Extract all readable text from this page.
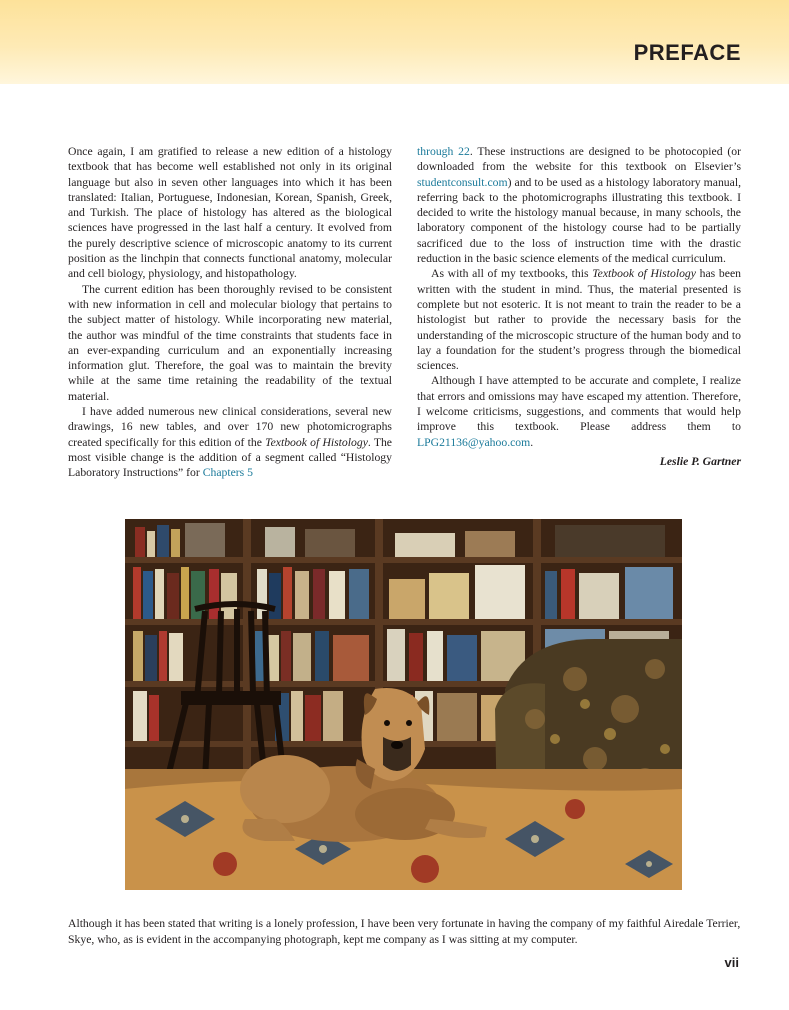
PREFACE

Once again, I am gratified to release a new edition of a histology textbook that has become well established not only in its original language but also in seven other languages into which it has been translated: Italian, Portuguese, Indonesian, Korean, Spanish, Greek, and Turkish. The place of histology has altered as the biological sciences have progressed in the last half a century. It evolved from the purely descriptive science of microscopic anatomy to its current position as the linchpin that connects functional anatomy, molecular and cell biology, physiology, and histopathology.

The current edition has been thoroughly revised to be consistent with new information in cell and molecular biology that pertains to the subject matter of histology. While incorporating new material, the author was mindful of the time constraints that students face in an ever-expanding curriculum and an exponentially increasing information glut. Therefore, the goal was to maintain the brevity while at the same time retaining the readability of the textual material.

I have added numerous new clinical considerations, several new drawings, 16 new tables, and over 170 new photomicrographs created specifically for this edition of the Textbook of Histology. The most visible change is the addition of a segment called “Histology Laboratory Instructions” for Chapters 5

through 22. These instructions are designed to be photocopied (or downloaded from the website for this textbook on Elsevier’s studentconsult.com) and to be used as a histology laboratory manual, referring back to the photomicrographs illustrating this textbook. I decided to write the histology manual because, in many schools, the laboratory component of the histology course had to be partially sacrificed due to the loss of instruction time with the drastic reduction in the basic science elements of the medical curriculum.

As with all of my textbooks, this Textbook of Histology has been written with the student in mind. Thus, the material presented is complete but not esoteric. It is not meant to train the reader to be a histologist but rather to provide the necessary basis for the understanding of the microscopic structure of the human body and to lay a foundation for the student’s progress through the biomedical sciences.

Although I have attempted to be accurate and complete, I realize that errors and omissions may have escaped my attention. Therefore, I welcome criticisms, suggestions, and comments that would help improve this textbook. Please address them to LPG21136@yahoo.com.

Leslie P. Gartner
Although it has been stated that writing is a lonely profession, I have been very fortunate in having the company of my faithful Airedale Terrier, Skye, who, as is evident in the accompanying photograph, kept me company as I was sitting at my computer.
vii
